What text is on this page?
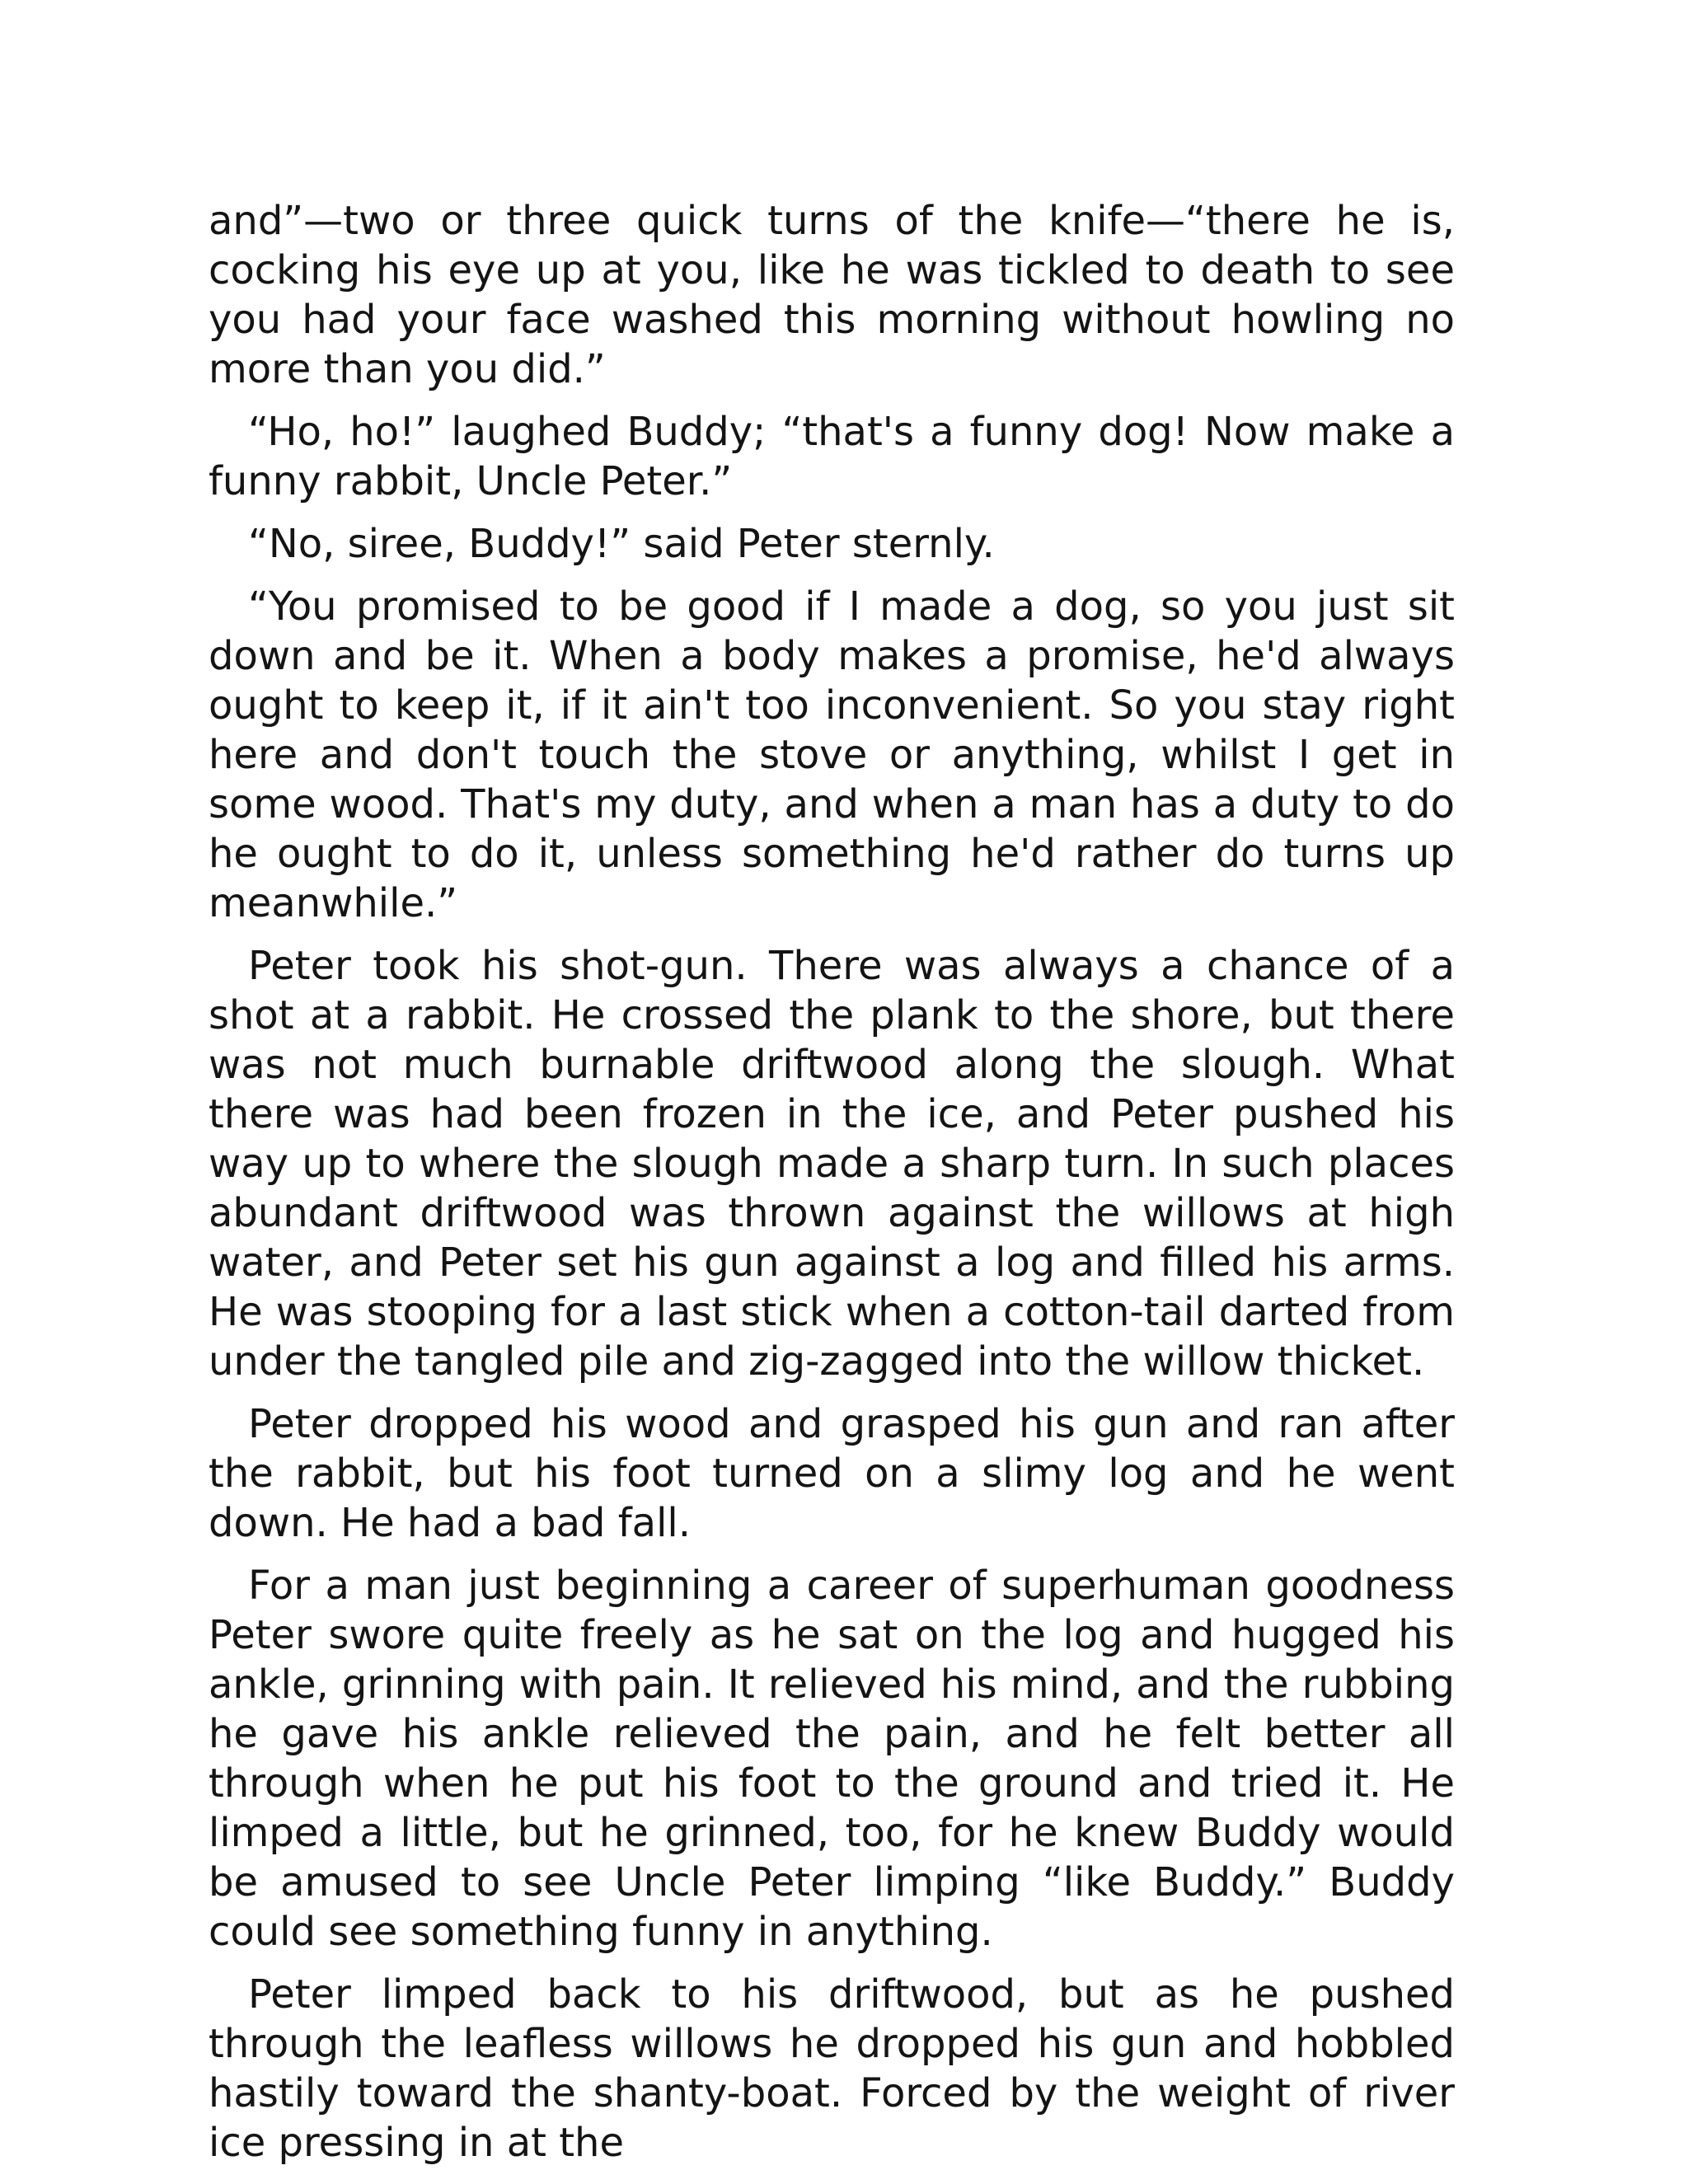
and”—two or three quick turns of the knife—“there he is, cocking his eye up at you, like he was tickled to death to see you had your face washed this morning without howling no more than you did.”

“Ho, ho!” laughed Buddy; “that's a funny dog! Now make a funny rabbit, Uncle Peter.”

“No, siree, Buddy!” said Peter sternly.

“You promised to be good if I made a dog, so you just sit down and be it. When a body makes a promise, he'd always ought to keep it, if it ain't too inconvenient. So you stay right here and don't touch the stove or anything, whilst I get in some wood. That's my duty, and when a man has a duty to do he ought to do it, unless something he'd rather do turns up meanwhile.”

Peter took his shot-gun. There was always a chance of a shot at a rabbit. He crossed the plank to the shore, but there was not much burnable driftwood along the slough. What there was had been frozen in the ice, and Peter pushed his way up to where the slough made a sharp turn. In such places abundant driftwood was thrown against the willows at high water, and Peter set his gun against a log and filled his arms. He was stooping for a last stick when a cotton-tail darted from under the tangled pile and zig-zagged into the willow thicket.

Peter dropped his wood and grasped his gun and ran after the rabbit, but his foot turned on a slimy log and he went down. He had a bad fall.

For a man just beginning a career of superhuman goodness Peter swore quite freely as he sat on the log and hugged his ankle, grinning with pain. It relieved his mind, and the rubbing he gave his ankle relieved the pain, and he felt better all through when he put his foot to the ground and tried it. He limped a little, but he grinned, too, for he knew Buddy would be amused to see Uncle Peter limping “like Buddy.” Buddy could see something funny in anything.

Peter limped back to his driftwood, but as he pushed through the leafless willows he dropped his gun and hobbled hastily toward the shanty-boat. Forced by the weight of river ice pressing in at the
